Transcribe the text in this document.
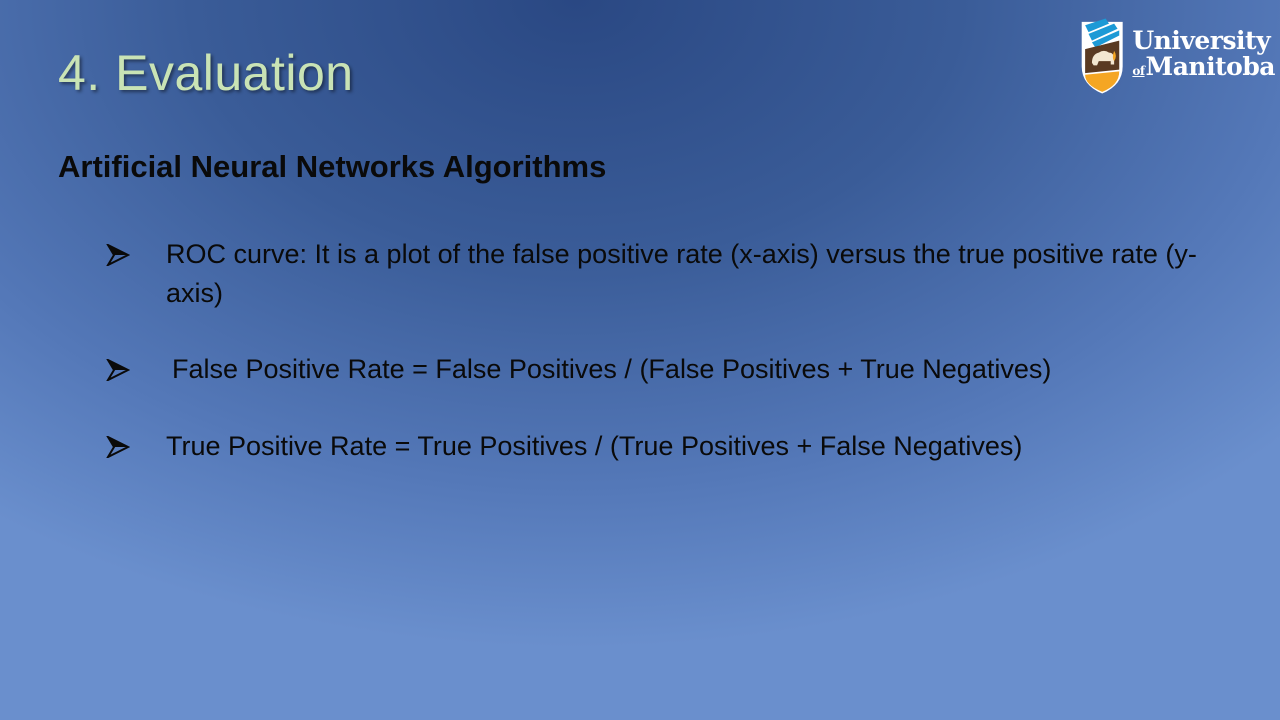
4. Evaluation
University
of Manitoba
Artificial Neural Networks Algorithms
ROC curve: It is a plot of the false positive rate (x-axis) versus the true positive rate (y-axis)
False Positive Rate = False Positives / (False Positives + True Negatives)
True Positive Rate = True Positives / (True Positives + False Negatives)
